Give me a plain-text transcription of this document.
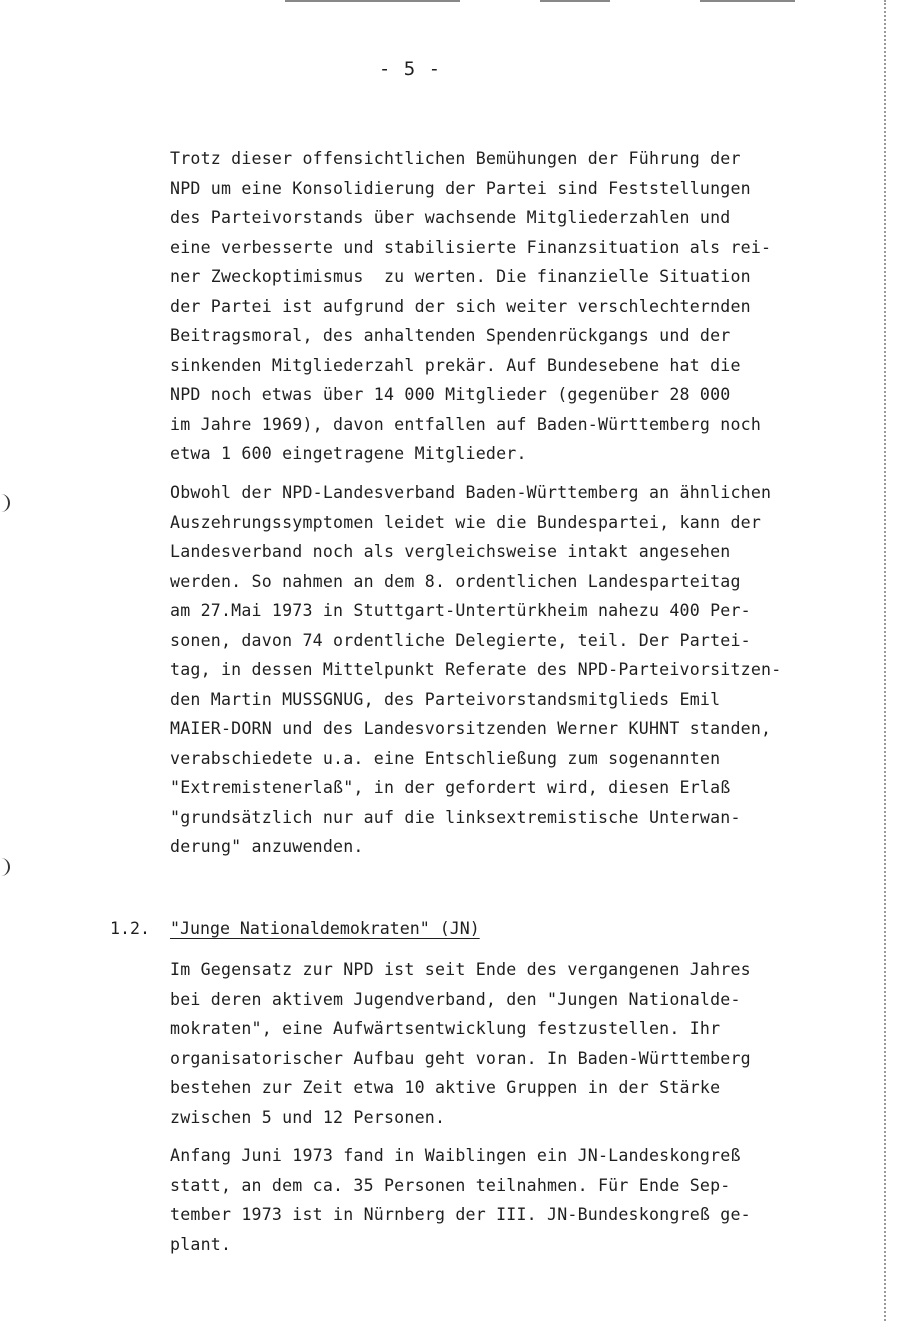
- 5 -

Trotz dieser offensichtlichen Bemühungen der Führung der
NPD um eine Konsolidierung der Partei sind Feststellungen
des Parteivorstands über wachsende Mitgliederzahlen und
eine verbesserte und stabilisierte Finanzsituation als rei-
ner Zweckoptimismus  zu werten. Die finanzielle Situation
der Partei ist aufgrund der sich weiter verschlechternden
Beitragsmoral, des anhaltenden Spendenrückgangs und der
sinkenden Mitgliederzahl prekär. Auf Bundesebene hat die
NPD noch etwas über 14 000 Mitglieder (gegenüber 28 000
im Jahre 1969), davon entfallen auf Baden-Württemberg noch
etwa 1 600 eingetragene Mitglieder.

Obwohl der NPD-Landesverband Baden-Württemberg an ähnlichen
Auszehrungssymptomen leidet wie die Bundespartei, kann der
Landesverband noch als vergleichsweise intakt angesehen
werden. So nahmen an dem 8. ordentlichen Landesparteitag
am 27.Mai 1973 in Stuttgart-Untertürkheim nahezu 400 Per-
sonen, davon 74 ordentliche Delegierte, teil. Der Partei-
tag, in dessen Mittelpunkt Referate des NPD-Parteivorsitzen-
den Martin MUSSGNUG, des Parteivorstandsmitglieds Emil
MAIER-DORN und des Landesvorsitzenden Werner KUHNT standen,
verabschiedete u.a. eine Entschließung zum sogenannten
"Extremistenerlaß", in der gefordert wird, diesen Erlaß
"grundsätzlich nur auf die linksextremistische Unterwan-
derung" anzuwenden.

1.2. "Junge Nationaldemokraten" (JN)

Im Gegensatz zur NPD ist seit Ende des vergangenen Jahres
bei deren aktivem Jugendverband, den "Jungen Nationalde-
mokraten", eine Aufwärtsentwicklung festzustellen. Ihr
organisatorischer Aufbau geht voran. In Baden-Württemberg
bestehen zur Zeit etwa 10 aktive Gruppen in der Stärke
zwischen 5 und 12 Personen.

Anfang Juni 1973 fand in Waiblingen ein JN-Landeskongreß
statt, an dem ca. 35 Personen teilnahmen. Für Ende Sep-
tember 1973 ist in Nürnberg der III. JN-Bundeskongreß ge-
plant.
